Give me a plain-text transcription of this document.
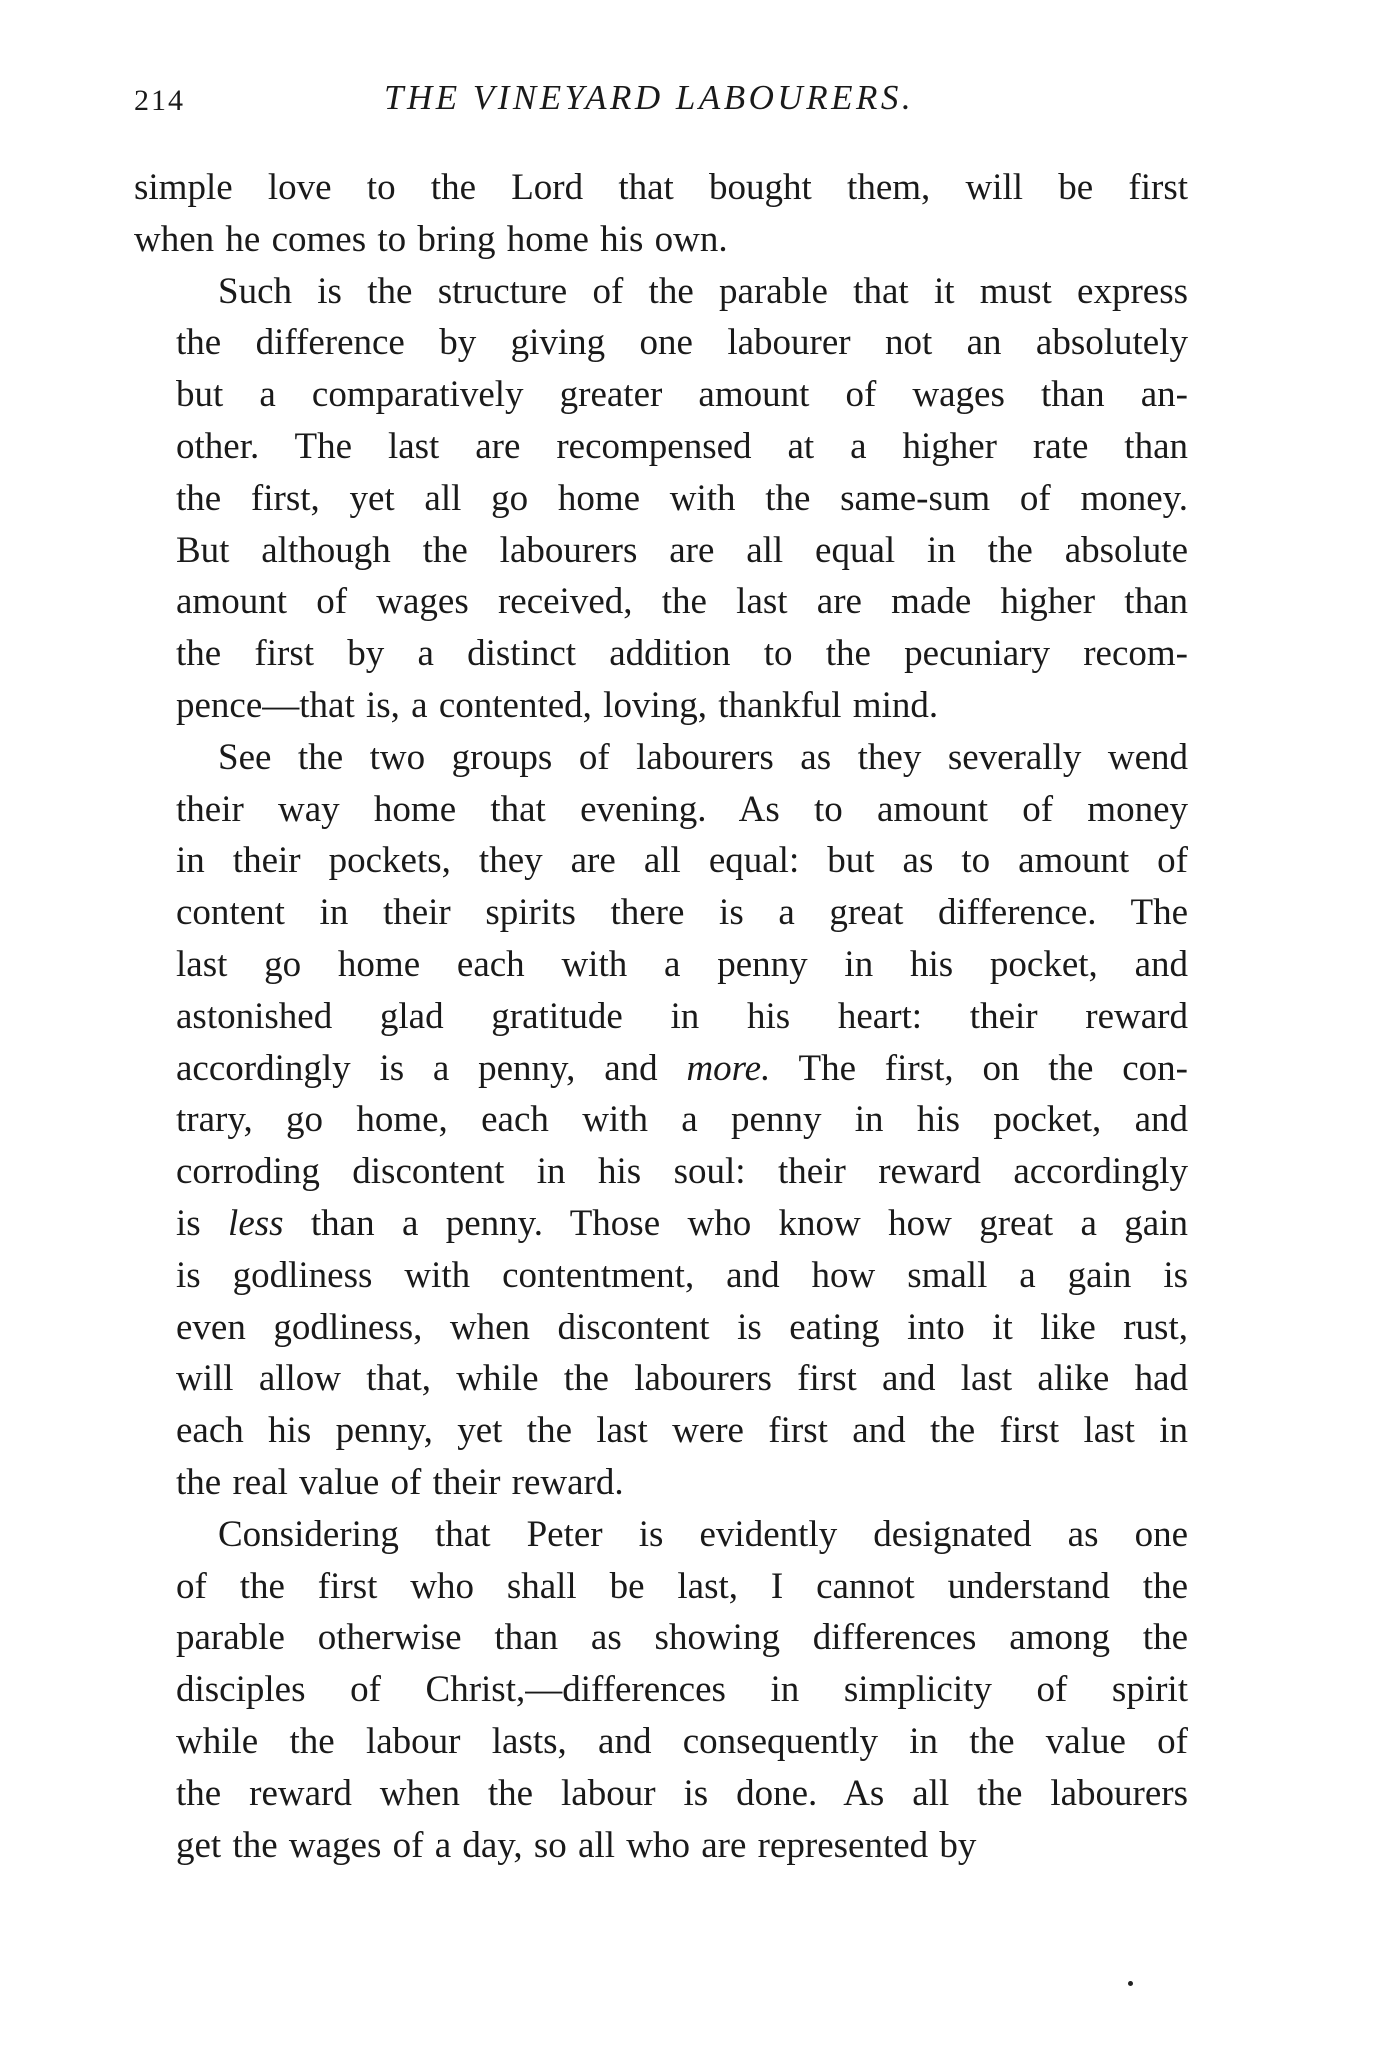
214	THE VINEYARD LABOURERS.
simple love to the Lord that bought them, will be first
when he comes to bring home his own.
Such is the structure of the parable that it must express
the difference by giving one labourer not an absolutely
but a comparatively greater amount of wages than an-
other. The last are recompensed at a higher rate than
the first, yet all go home with the same-sum of money.
But although the labourers are all equal in the absolute
amount of wages received, the last are made higher than
the first by a distinct addition to the pecuniary recom-
pence—that is, a contented, loving, thankful mind.
See the two groups of labourers as they severally wend
their way home that evening. As to amount of money
in their pockets, they are all equal: but as to amount of
content in their spirits there is a great difference. The
last go home each with a penny in his pocket, and
astonished glad gratitude in his heart: their reward
accordingly is a penny, and more. The first, on the con-
trary, go home, each with a penny in his pocket, and
corroding discontent in his soul: their reward accordingly
is less than a penny. Those who know how great a gain
is godliness with contentment, and how small a gain is
even godliness, when discontent is eating into it like rust,
will allow that, while the labourers first and last alike had
each his penny, yet the last were first and the first last in
the real value of their reward.
Considering that Peter is evidently designated as one
of the first who shall be last, I cannot understand the
parable otherwise than as showing differences among the
disciples of Christ,—differences in simplicity of spirit
while the labour lasts, and consequently in the value of
the reward when the labour is done. As all the labourers
get the wages of a day, so all who are represented by
